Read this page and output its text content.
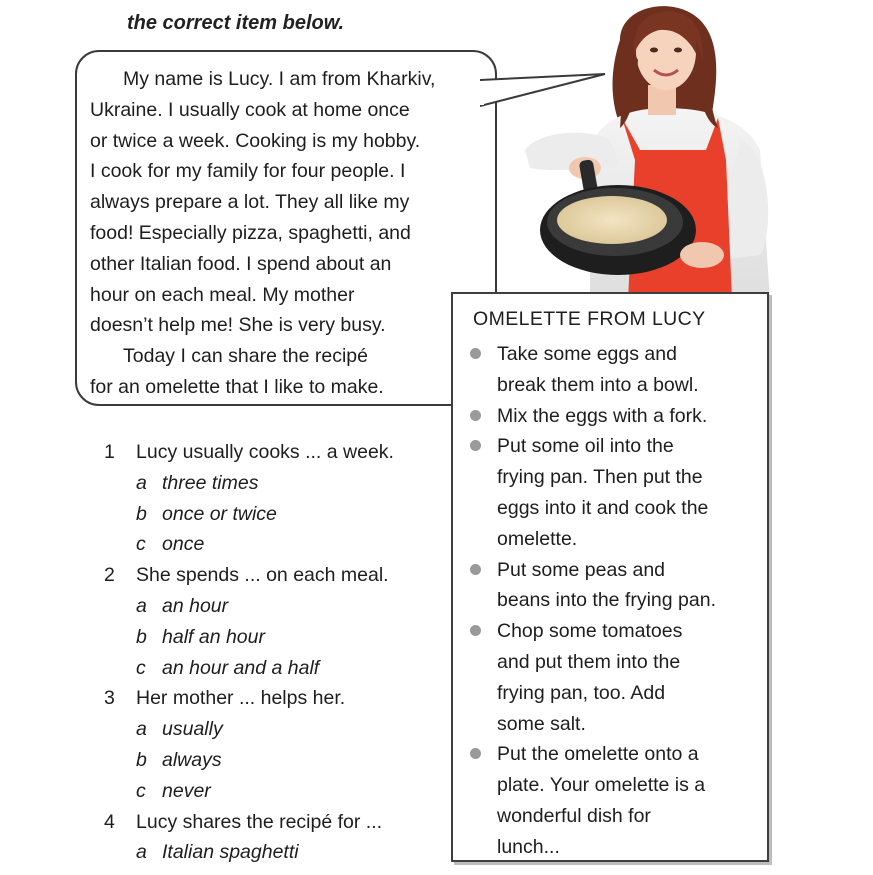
the correct item below.

My name is Lucy. I am from Kharkiv,
Ukraine. I usually cook at home once
or twice a week. Cooking is my hobby.
I cook for my family for four people. I
always prepare a lot. They all like my
food! Especially pizza, spaghetti, and
other Italian food. I spend about an
hour on each meal. My mother
doesn’t help me! She is very busy.

Today I can share the recipé

for an omelette that I like to make.

1 Lucy usually cooks ... a week.
a three times
b once or twice
c once
2 She spends ... on each meal.
a an hour
b half an hour
c an hour and a half
3 Her mother ... helps her.
a usually
b always
c never
4 Lucy shares the recipé for ...
a Italian spaghetti
OMELETTE FROM LUCY
Take some eggs and
break them into a bowl.
Mix the eggs with a fork.
Put some oil into the
frying pan. Then put the
eggs into it and cook the
omelette.
Put some peas and
beans into the frying pan.
Chop some tomatoes
and put them into the
frying pan, too. Add
some salt.
Put the omelette onto a
plate. Your omelette is a
wonderful dish for
lunch...
